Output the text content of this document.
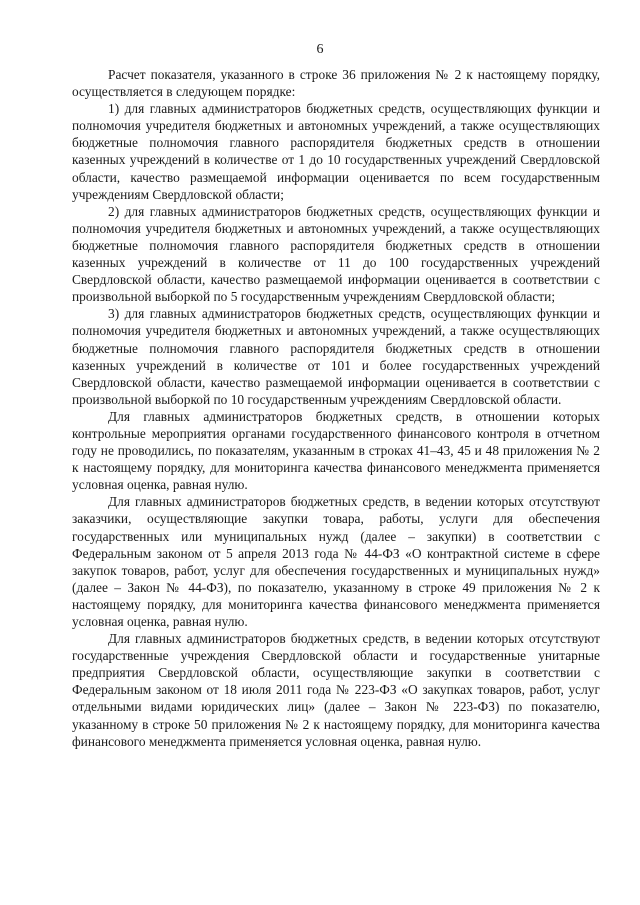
6

Расчет показателя, указанного в строке 36 приложения № 2 к настоящему порядку, осуществляется в следующем порядке:

1) для главных администраторов бюджетных средств, осуществляющих функции и полномочия учредителя бюджетных и автономных учреждений, а также осуществляющих бюджетные полномочия главного распорядителя бюджетных средств в отношении казенных учреждений в количестве от 1 до 10 государственных учреждений Свердловской области, качество размещаемой информации оценивается по всем государственным учреждениям Свердловской области;

2) для главных администраторов бюджетных средств, осуществляющих функции и полномочия учредителя бюджетных и автономных учреждений, а также осуществляющих бюджетные полномочия главного распорядителя бюджетных средств в отношении казенных учреждений в количестве от 11 до 100 государственных учреждений Свердловской области, качество размещаемой информации оценивается в соответствии с произвольной выборкой по 5 государственным учреждениям Свердловской области;

3) для главных администраторов бюджетных средств, осуществляющих функции и полномочия учредителя бюджетных и автономных учреждений, а также осуществляющих бюджетные полномочия главного распорядителя бюджетных средств в отношении казенных учреждений в количестве от 101 и более государственных учреждений Свердловской области, качество размещаемой информации оценивается в соответствии с произвольной выборкой по 10 государственным учреждениям Свердловской области.

Для главных администраторов бюджетных средств, в отношении которых контрольные мероприятия органами государственного финансового контроля в отчетном году не проводились, по показателям, указанным в строках 41–43, 45 и 48 приложения № 2 к настоящему порядку, для мониторинга качества финансового менеджмента применяется условная оценка, равная нулю.

Для главных администраторов бюджетных средств, в ведении которых отсутствуют заказчики, осуществляющие закупки товара, работы, услуги для обеспечения государственных или муниципальных нужд (далее – закупки) в соответствии с Федеральным законом от 5 апреля 2013 года № 44-ФЗ «О контрактной системе в сфере закупок товаров, работ, услуг для обеспечения государственных и муниципальных нужд» (далее – Закон № 44-ФЗ), по показателю, указанному в строке 49 приложения № 2 к настоящему порядку, для мониторинга качества финансового менеджмента применяется условная оценка, равная нулю.

Для главных администраторов бюджетных средств, в ведении которых отсутствуют государственные учреждения Свердловской области и государственные унитарные предприятия Свердловской области, осуществляющие закупки в соответствии с Федеральным законом от 18 июля 2011 года № 223-ФЗ «О закупках товаров, работ, услуг отдельными видами юридических лиц» (далее – Закон № 223-ФЗ) по показателю, указанному в строке 50 приложения № 2 к настоящему порядку, для мониторинга качества финансового менеджмента применяется условная оценка, равная нулю.
